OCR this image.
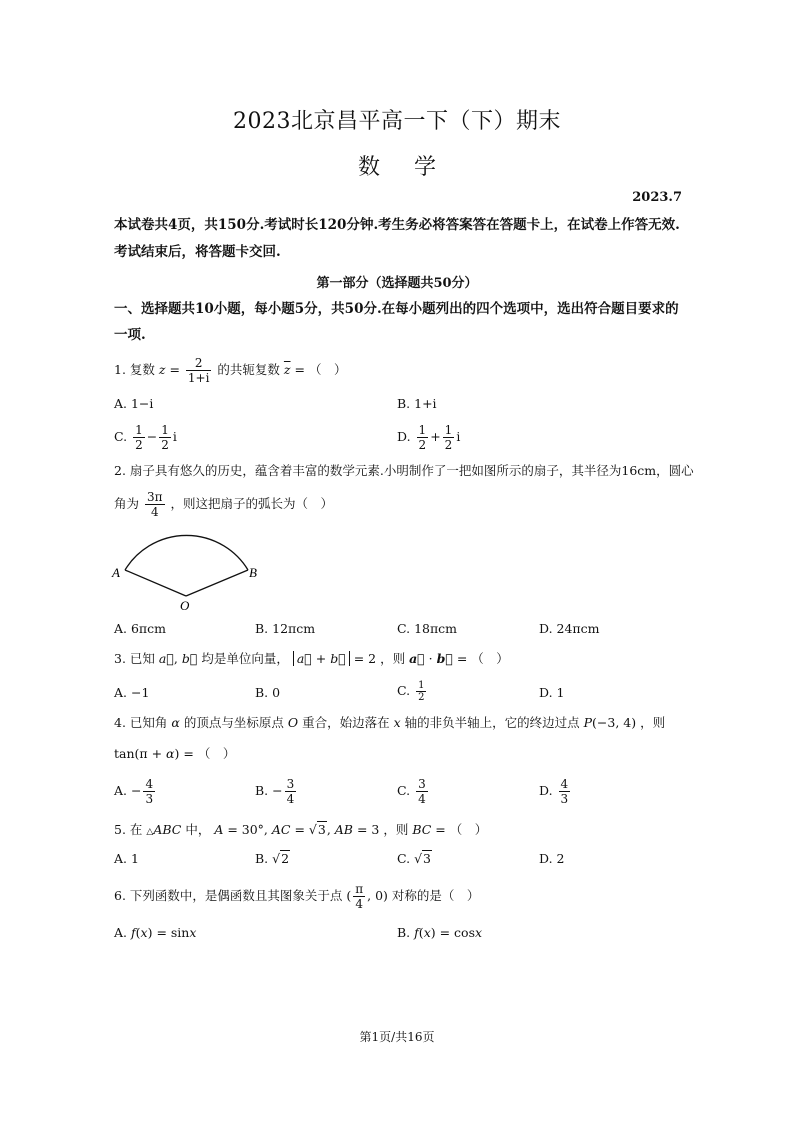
2023北京昌平高一下（下）期末
数学
2023.7
本试卷共4页，共150分.考试时长120分钟.考生务必将答案答在答题卡上，在试卷上作答无效.考试结束后，将答题卡交回.
第一部分（选择题共50分）
一、选择题共10小题，每小题5分，共50分.在每小题列出的四个选项中，选出符合题目要求的一项.
1. 复数 $z = \frac{2}{1+i}$ 的共轭复数 $\overline{z}$ = （　）
A. 1−i	B. 1+i
C. $\frac{1}{2} - \frac{1}{2}$ i	D. $\frac{1}{2} + \frac{1}{2}$ i
2. 扇子具有悠久的历史，蕴含着丰富的数学元素.小明制作了一把如图所示的扇子，其半径为16cm，圆心
角为 $\frac{3\pi}{4}$ ，则这把扇子的弧长为（　）
A	B
O
A. 6πcm	B. 12πcm	C. 18πcm	D. 24πcm
3. 已知 a⃗, b⃗ 均是单位向量， a⃗ + b⃗ = 2 ，则 a⃗ · b⃗ = （　）
A. −1	B. 0	C. $\frac{1}{2}$	D. 1
4. 已知角 α 的顶点与坐标原点 O 重合，始边落在 x 轴的非负半轴上，它的终边过点 P(−3, 4) ，则
tan(π + α) = （　）
A. − $\frac{4}{3}$	B. − $\frac{3}{4}$	C. $\frac{3}{4}$	D. $\frac{4}{3}$
5. 在 △ABC 中， A = 30°, AC = √3, AB = 3 ，则 BC = （　）
A. 1	B. √2	C. √3	D. 2
6. 下列函数中，是偶函数且其图象关于点 ( $\frac{\pi}{4}$ , 0) 对称的是（　）
A. f(x) = sinx	B. f(x) = cosx
第1页/共16页
